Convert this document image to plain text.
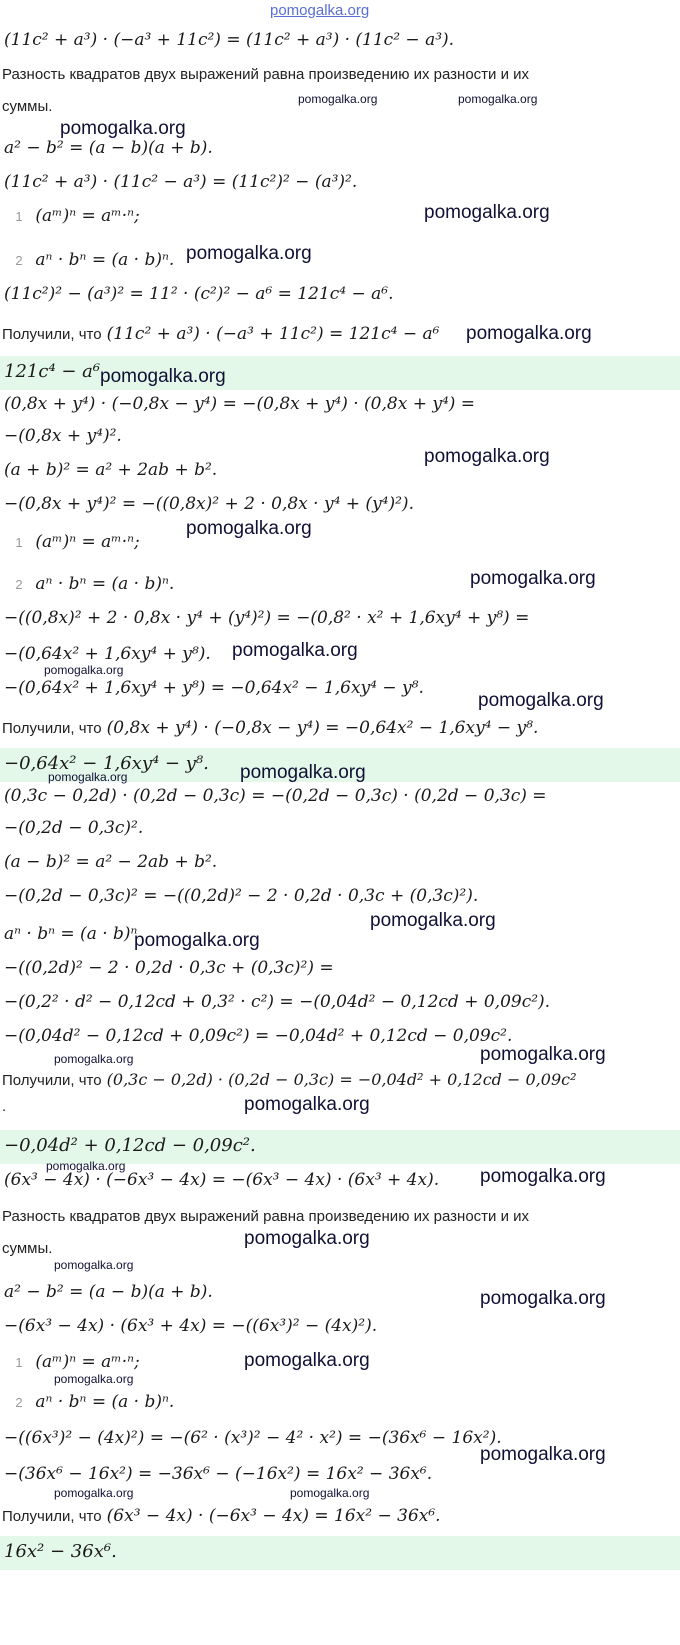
pomogalka.org
(11c² + a³) · (−a³ + 11c²) = (11c² + a³) · (11c² − a³).
Разность квадратов двух выражений равна произведению их разности и их
суммы.
a² − b² = (a − b)(a + b).
(11c² + a³) · (11c² − a³) = (11c²)² − (a³)².
1 (aᵐ)ⁿ = aᵐ·ⁿ;
2 aⁿ · bⁿ = (a · b)ⁿ.
(11c²)² − (a³)² = 11² · (c²)² − a⁶ = 121c⁴ − a⁶.
Получили, что (11c² + a³) · (−a³ + 11c²) = 121c⁴ − a⁶
121c⁴ − a⁶
(0,8x + y⁴) · (−0,8x − y⁴) = −(0,8x + y⁴) · (0,8x + y⁴) =
−(0,8x + y⁴)².
(a + b)² = a² + 2ab + b².
−(0,8x + y⁴)² = −((0,8x)² + 2 · 0,8x · y⁴ + (y⁴)²).
1 (aᵐ)ⁿ = aᵐ·ⁿ;
2 aⁿ · bⁿ = (a · b)ⁿ.
−((0,8x)² + 2 · 0,8x · y⁴ + (y⁴)²) = −(0,8² · x² + 1,6xy⁴ + y⁸) =
−(0,64x² + 1,6xy⁴ + y⁸).
−(0,64x² + 1,6xy⁴ + y⁸) = −0,64x² − 1,6xy⁴ − y⁸.
Получили, что (0,8x + y⁴) · (−0,8x − y⁴) = −0,64x² − 1,6xy⁴ − y⁸.
−0,64x² − 1,6xy⁴ − y⁸.
(0,3c − 0,2d) · (0,2d − 0,3c) = −(0,2d − 0,3c) · (0,2d − 0,3c) =
−(0,2d − 0,3c)².
(a − b)² = a² − 2ab + b².
−(0,2d − 0,3c)² = −((0,2d)² − 2 · 0,2d · 0,3c + (0,3c)²).
aⁿ · bⁿ = (a · b)ⁿ
−((0,2d)² − 2 · 0,2d · 0,3c + (0,3c)²) =
−(0,2² · d² − 0,12cd + 0,3² · c²) = −(0,04d² − 0,12cd + 0,09c²).
−(0,04d² − 0,12cd + 0,09c²) = −0,04d² + 0,12cd − 0,09c².
Получили, что (0,3c − 0,2d) · (0,2d − 0,3c) = −0,04d² + 0,12cd − 0,09c²
.
−0,04d² + 0,12cd − 0,09c².
(6x³ − 4x) · (−6x³ − 4x) = −(6x³ − 4x) · (6x³ + 4x).
Разность квадратов двух выражений равна произведению их разности и их
суммы.
a² − b² = (a − b)(a + b).
−(6x³ − 4x) · (6x³ + 4x) = −((6x³)² − (4x)²).
1 (aᵐ)ⁿ = aᵐ·ⁿ;
2 aⁿ · bⁿ = (a · b)ⁿ.
−((6x³)² − (4x)²) = −(6² · (x³)² − 4² · x²) = −(36x⁶ − 16x²).
−(36x⁶ − 16x²) = −36x⁶ − (−16x²) = 16x² − 36x⁶.
Получили, что (6x³ − 4x) · (−6x³ − 4x) = 16x² − 36x⁶.
16x² − 36x⁶.
pomogalka.org	pomogalka.org
pomogalka.org
pomogalka.org
pomogalka.org
pomogalka.org
pomogalka.org
pomogalka.org
pomogalka.org
pomogalka.org
pomogalka.org
pomogalka.org
pomogalka.org
pomogalka.org
pomogalka.org
pomogalka.org
pomogalka.org
pomogalka.org
pomogalka.org
pomogalka.org
pomogalka.org	pomogalka.org
pomogalka.org
pomogalka.org
pomogalka.org
pomogalka.org
pomogalka.org
pomogalka.org
pomogalka.org	pomogalka.org
